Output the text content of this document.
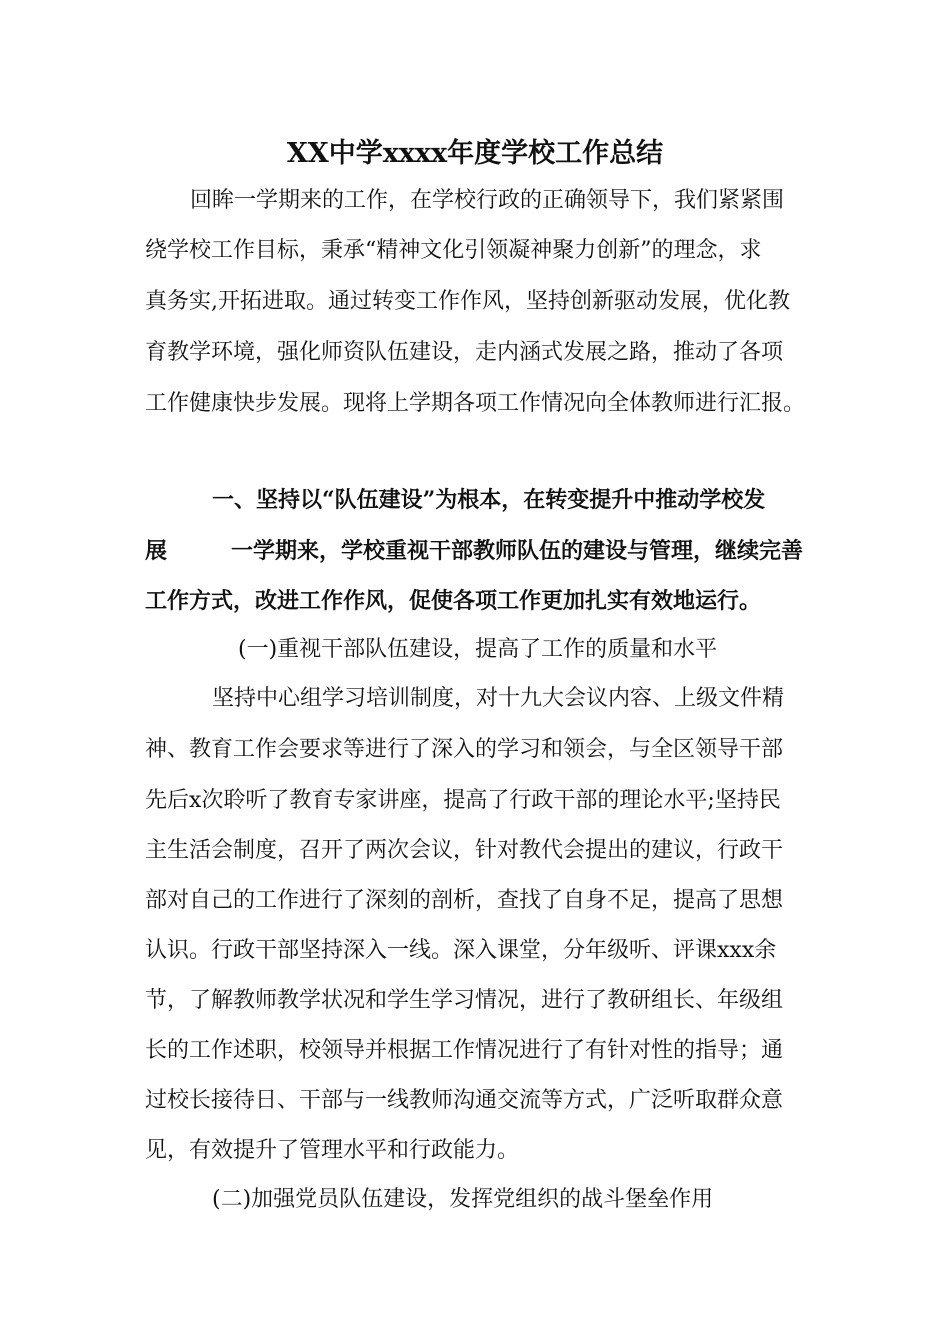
XX中学xxxx年度学校工作总结
回眸一学期来的工作，在学校行政的正确领导下，我们紧紧围
绕学校工作目标，秉承“精神文化引领凝神聚力创新”的理念，求
真务实,开拓进取。通过转变工作作风，坚持创新驱动发展，优化教
育教学环境，强化师资队伍建设，走内涵式发展之路，推动了各项
工作健康快步发展。现将上学期各项工作情况向全体教师进行汇报。
一、坚持以“队伍建设”为根本，在转变提升中推动学校发
展	一学期来，学校重视干部教师队伍的建设与管理，继续完善
工作方式，改进工作作风，促使各项工作更加扎实有效地运行。
(一)重视干部队伍建设，提高了工作的质量和水平
坚持中心组学习培训制度，对十九大会议内容、上级文件精
神、教育工作会要求等进行了深入的学习和领会，与全区领导干部
先后x次聆听了教育专家讲座，提高了行政干部的理论水平;坚持民
主生活会制度，召开了两次会议，针对教代会提出的建议，行政干
部对自己的工作进行了深刻的剖析，查找了自身不足，提高了思想
认识。行政干部坚持深入一线。深入课堂，分年级听、评课xxx余
节，了解教师教学状况和学生学习情况，进行了教研组长、年级组
长的工作述职，校领导并根据工作情况进行了有针对性的指导；通
过校长接待日、干部与一线教师沟通交流等方式，广泛听取群众意
见，有效提升了管理水平和行政能力。
(二)加强党员队伍建设，发挥党组织的战斗堡垒作用
